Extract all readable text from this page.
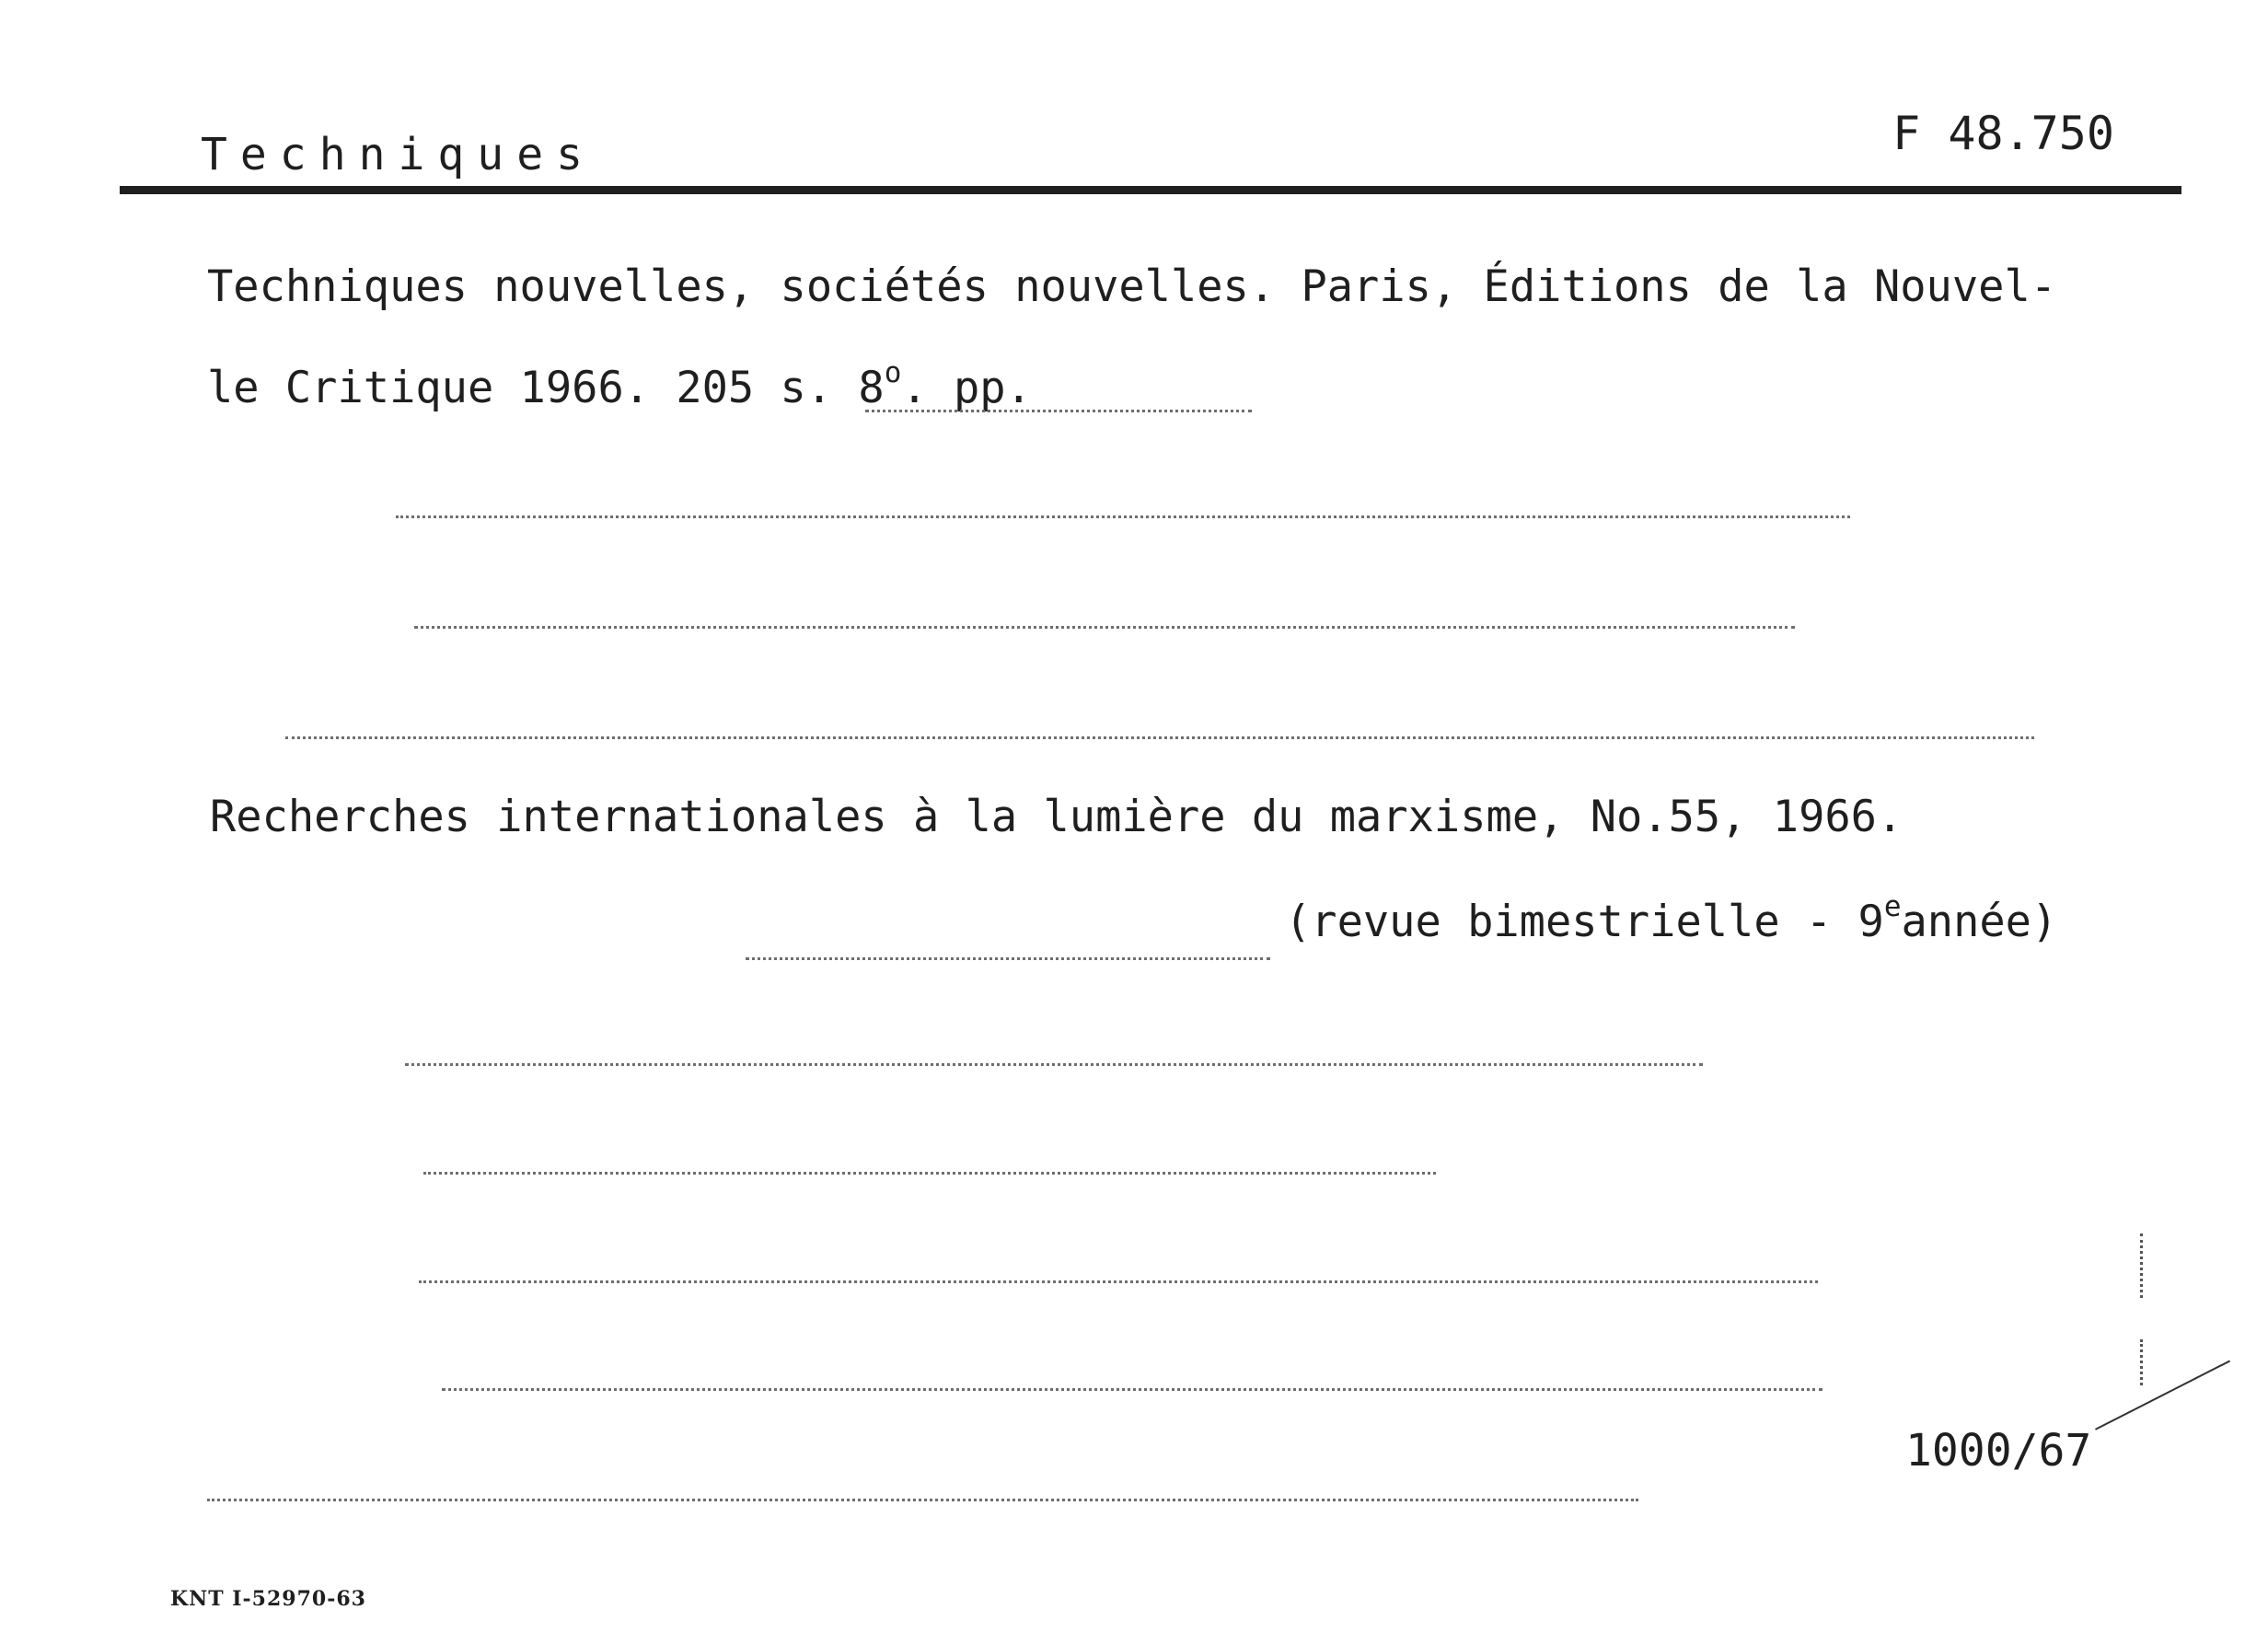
Techniques	F 48.750
Techniques nouvelles, sociétés nouvelles. Paris, Éditions de la Nouvel-
le Critique 1966. 205 s. 8$^o$. pp.
Recherches internationales à la lumière du marxisme, No.55, 1966.
(revue bimestrielle - 9eannée)
1000/67
KNT I-52970-63
